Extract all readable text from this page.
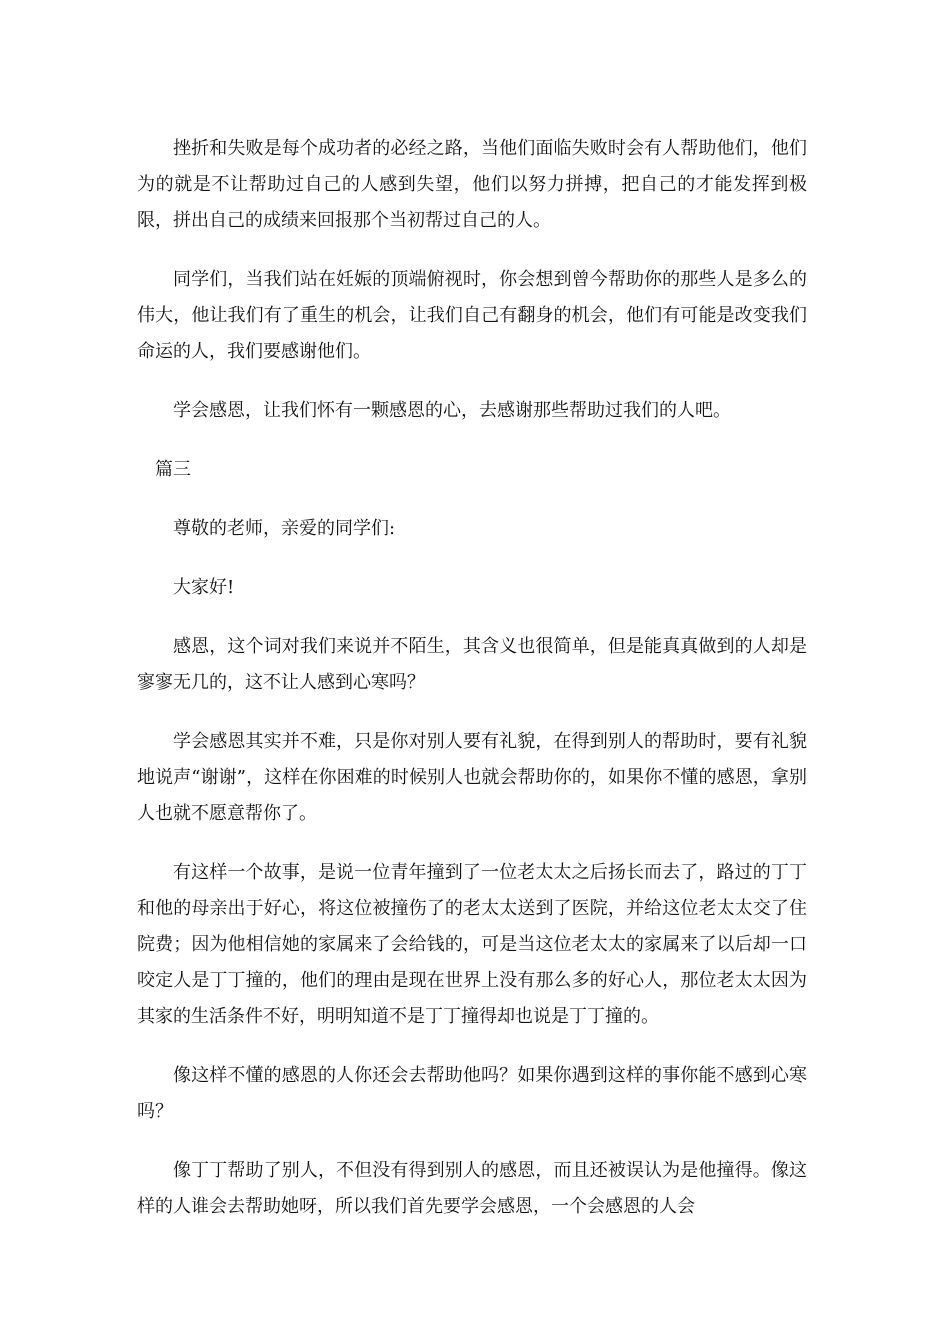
挫折和失败是每个成功者的必经之路，当他们面临失败时会有人帮助他们，他们为的就是不让帮助过自己的人感到失望，他们以努力拼搏，把自己的才能发挥到极限，拼出自己的成绩来回报那个当初帮过自己的人。

同学们，当我们站在妊娠的顶端俯视时，你会想到曾今帮助你的那些人是多么的伟大，他让我们有了重生的机会，让我们自己有翻身的机会，他们有可能是改变我们命运的人，我们要感谢他们。

学会感恩，让我们怀有一颗感恩的心，去感谢那些帮助过我们的人吧。

篇三

尊敬的老师，亲爱的同学们:

大家好!

感恩，这个词对我们来说并不陌生，其含义也很简单，但是能真真做到的人却是寥寥无几的，这不让人感到心寒吗？

学会感恩其实并不难，只是你对别人要有礼貌，在得到别人的帮助时，要有礼貌地说声“谢谢”，这样在你困难的时候别人也就会帮助你的，如果你不懂的感恩，拿别人也就不愿意帮你了。

有这样一个故事，是说一位青年撞到了一位老太太之后扬长而去了，路过的丁丁和他的母亲出于好心，将这位被撞伤了的老太太送到了医院，并给这位老太太交了住院费；因为他相信她的家属来了会给钱的，可是当这位老太太的家属来了以后却一口咬定人是丁丁撞的，他们的理由是现在世界上没有那么多的好心人，那位老太太因为其家的生活条件不好，明明知道不是丁丁撞得却也说是丁丁撞的。

像这样不懂的感恩的人你还会去帮助他吗？如果你遇到这样的事你能不感到心寒吗？

像丁丁帮助了别人，不但没有得到别人的感恩，而且还被误认为是他撞得。像这样的人谁会去帮助她呀，所以我们首先要学会感恩，一个会感恩的人会
